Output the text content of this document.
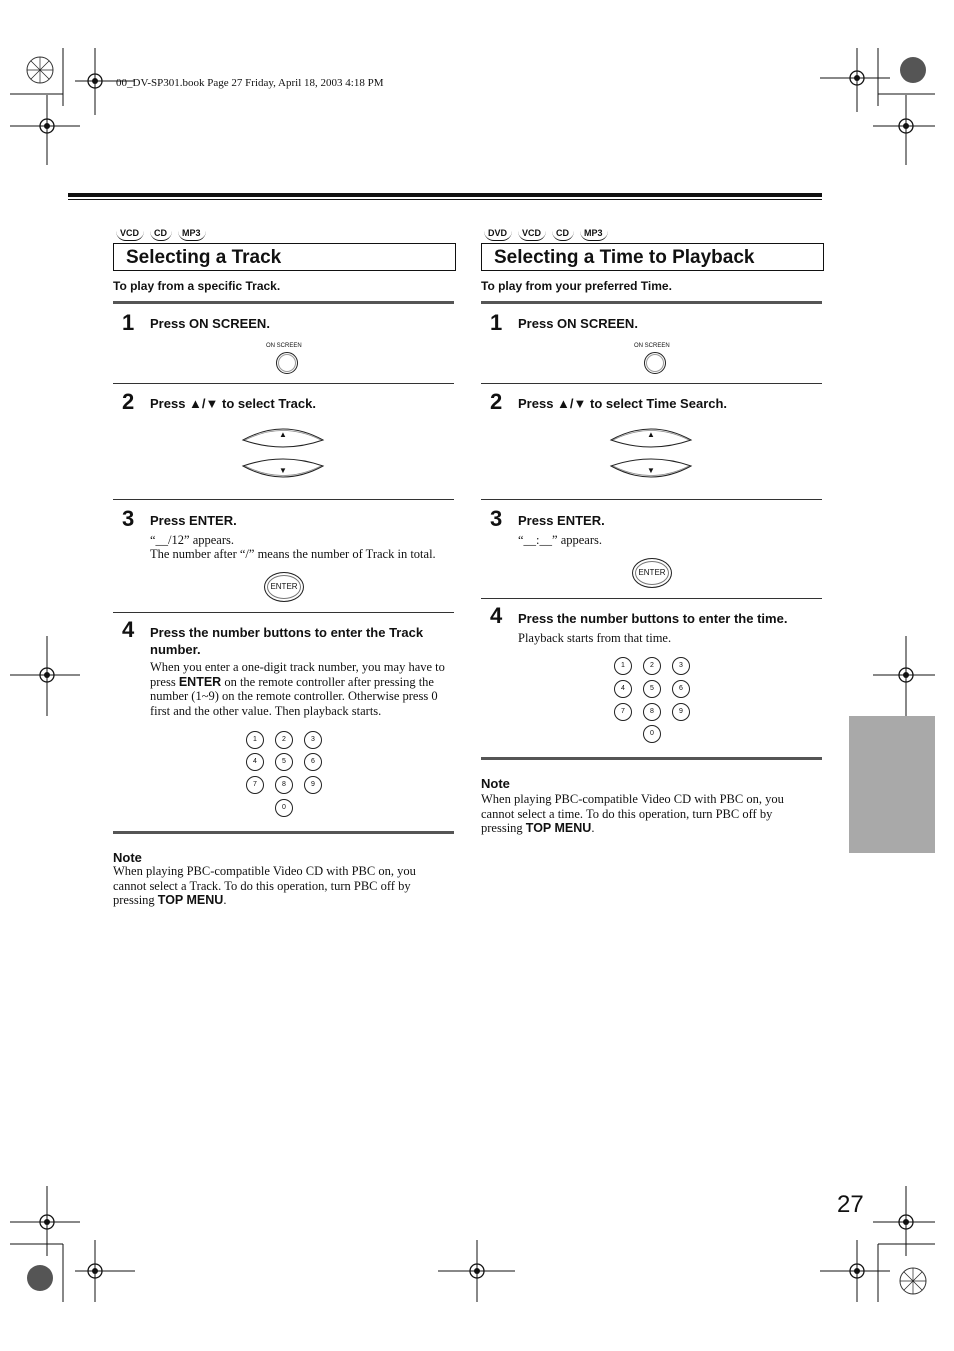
00_DV-SP301.book Page 27 Friday, April 18, 2003 4:18 PM
VCD	CD	MP3
Selecting a Track
To play from a specific Track.
1 Press ON SCREEN.
ON SCREEN
2 Press ▲/▼ to select Track.
▲
▼
3 Press ENTER.
“__/12” appears.
The number after “/” means the number of Track in total.
ENTER
4 Press the number buttons to enter the Track number.
When you enter a one-digit track number, you may have to press ENTER on the remote controller after pressing the number (1~9) on the remote controller. Otherwise press 0 first and the other value. Then playback starts.
1	2	3
4	5	6
7	8	9
0
Note
When playing PBC-compatible Video CD with PBC on, you cannot select a Track. To do this operation, turn PBC off by pressing TOP MENU.
DVD	VCD	CD	MP3
Selecting a Time to Playback
To play from your preferred Time.
1 Press ON SCREEN.
ON SCREEN
2 Press ▲/▼ to select Time Search.
▲
▼
3 Press ENTER.
“__:__” appears.
ENTER
4 Press the number buttons to enter the time.
Playback starts from that time.
1	2	3
4	5	6
7	8	9
0
Note
When playing PBC-compatible Video CD with PBC on, you cannot select a time. To do this operation, turn PBC off by pressing TOP MENU.
27
